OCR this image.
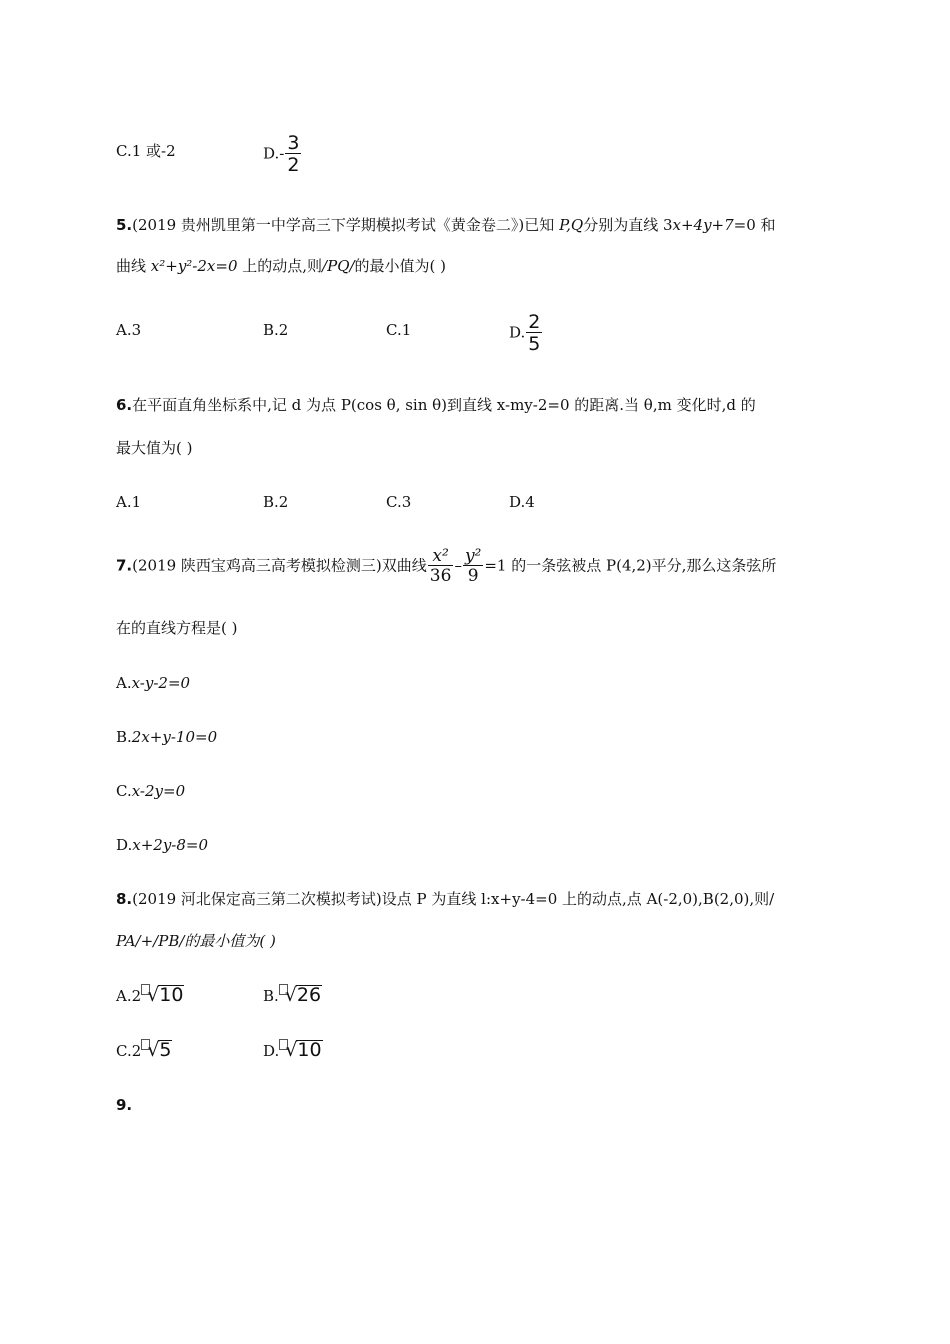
C.1 或-2	$D.- \frac{3}{2}$
5.(2019 贵州凯里第一中学高三下学期模拟考试《黄金卷二》)已知 P,Q分别为直线 3x+4y+7=0 和
曲线 x²+y²-2x=0 上的动点,则/PQ/的最小值为( )
A.3	B.2	C.1	D. $\frac{2}{5}$
6.在平面直角坐标系中,记 d 为点 P(cos θ, sin θ)到直线 x-my-2=0 的距离.当 θ,m 变化时,d 的
最大值为( )
A.1	B.2	C.3	D.4
7.(2019 陕西宝鸡高三高考模拟检测三)双曲线 $\frac{\text{x²}}{36} - \frac{\text{y²}}{9} =1$ 的一条弦被点 P(4,2)平分,那么这条弦所
在的直线方程是( )
A.x-y-2=0
B.2x+y-10=0
C.x-2y=0
D.x+2y-8=0
8.(2019 河北保定高三第二次模拟考试)设点 P 为直线 l:x+y-4=0 上的动点,点 A(-2,0),B(2,0),则/
PA/+/PB/的最小值为( )
A.2 √10	B. √26
C.2 √5	D. √10
9.
